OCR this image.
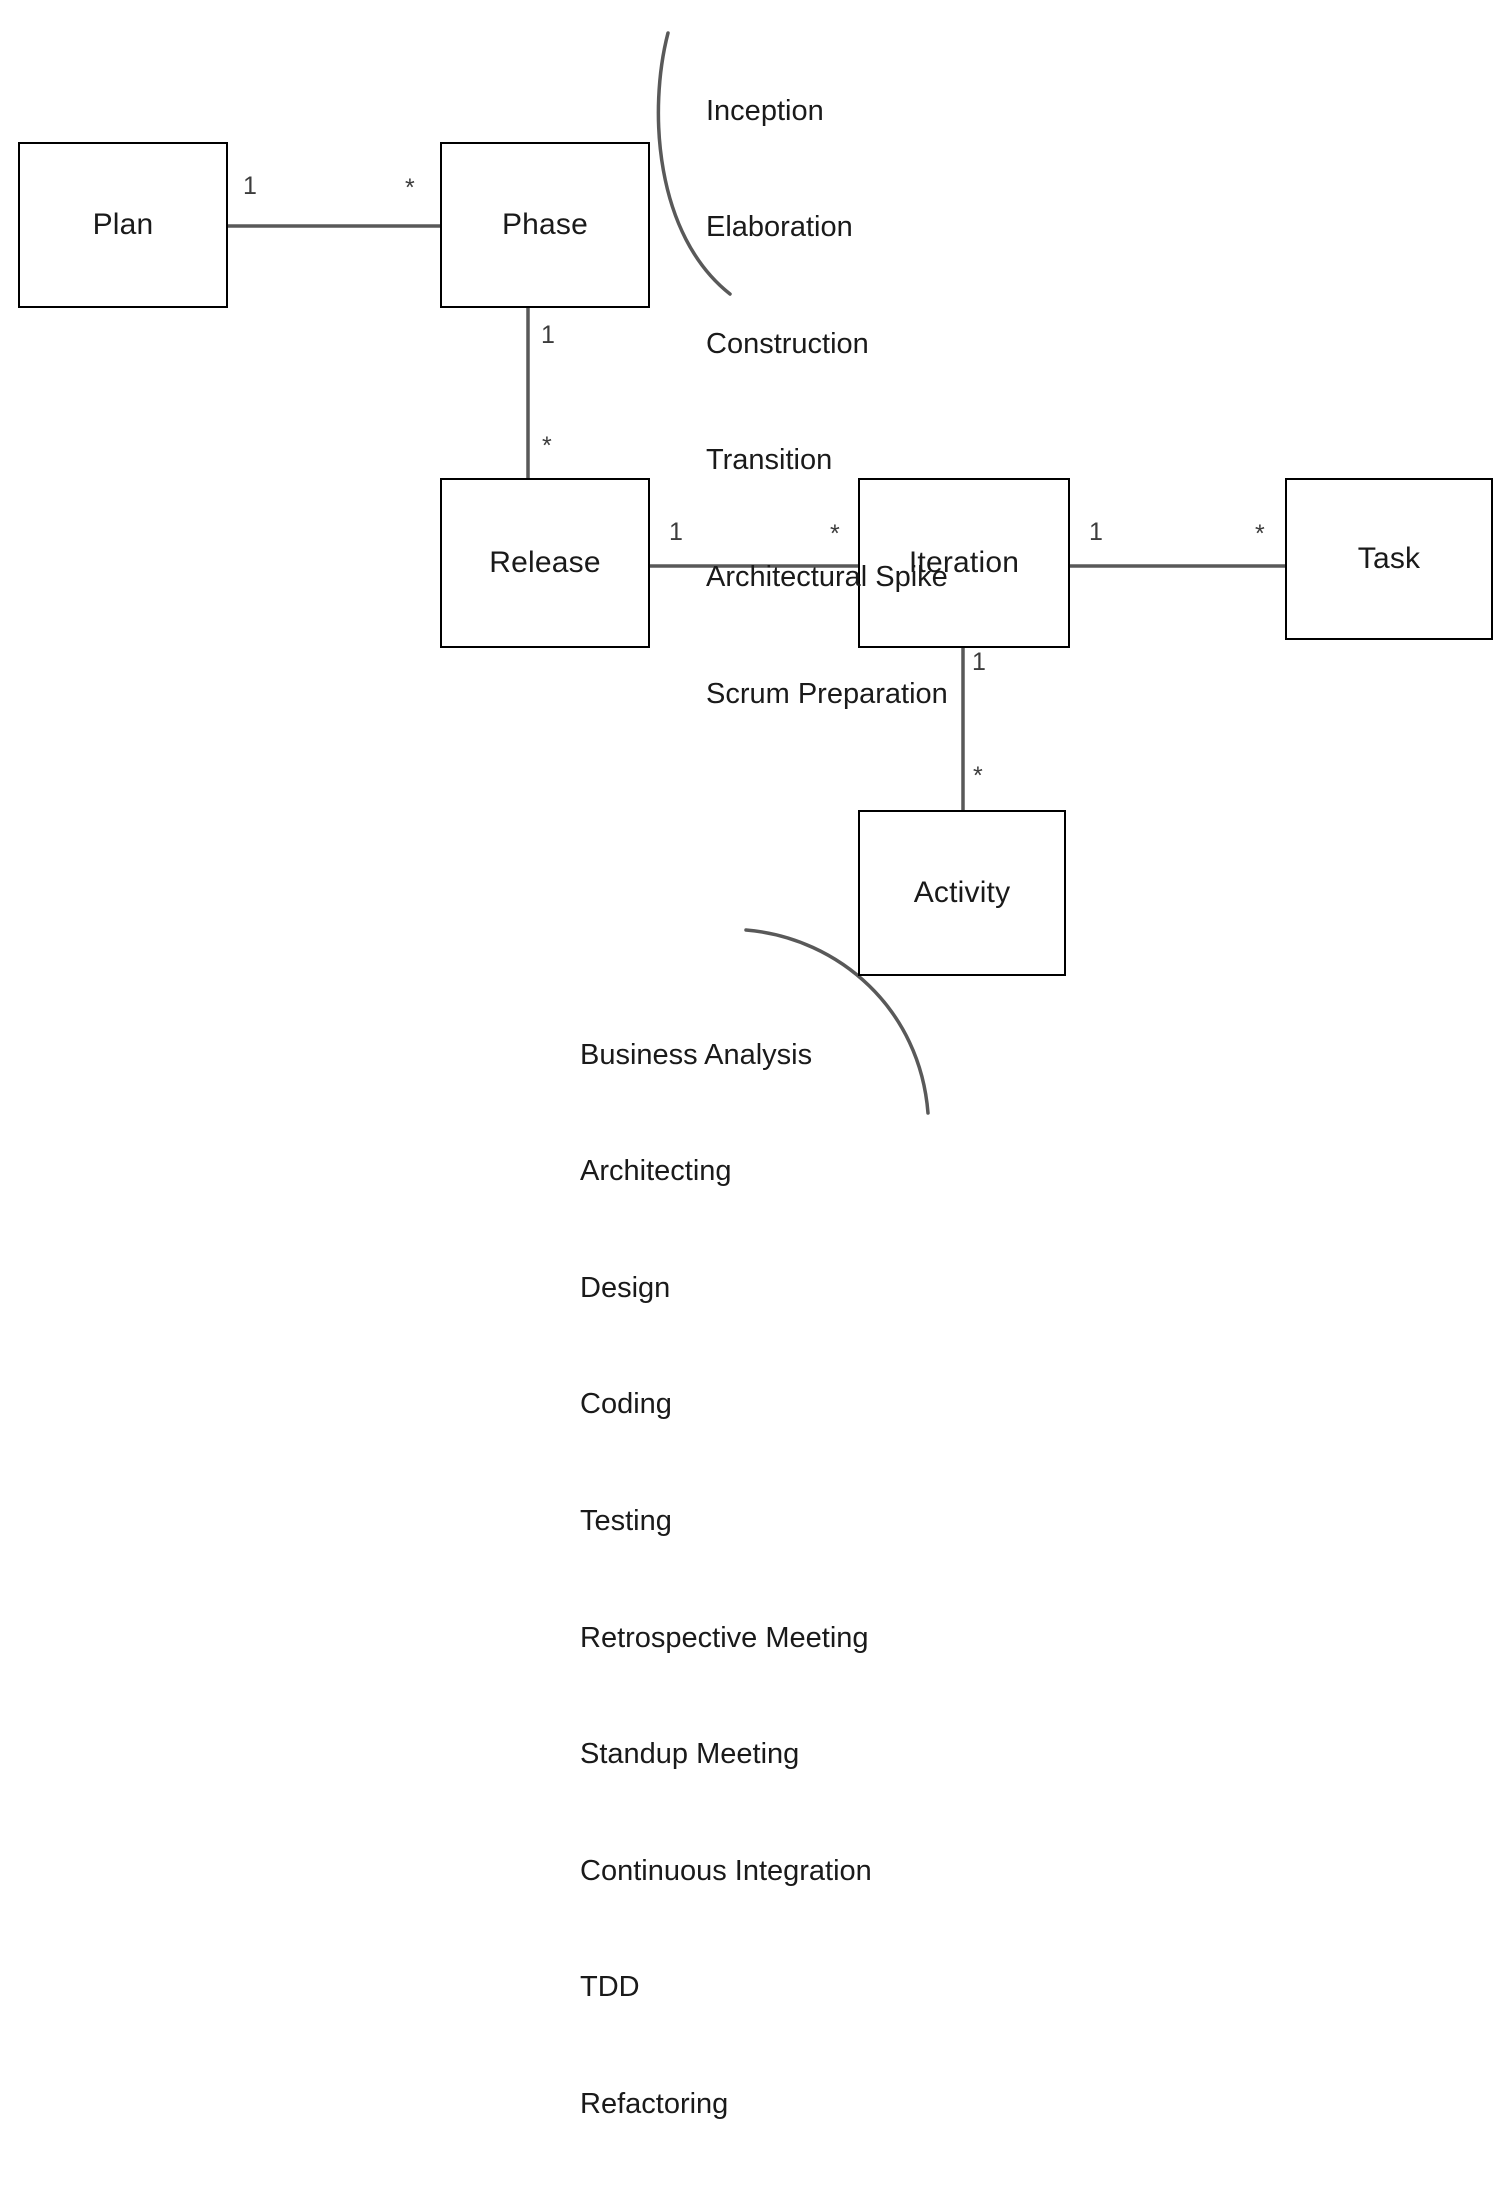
Plan	Phase
Release	Iteration	Task
Activity
1	*
1
*
1	*	1	*
1
*

Inception

Elaboration

Construction

Transition

Architectural Spike

Scrum Preparation

Business Analysis

Architecting

Design

Coding

Testing

Retrospective Meeting

Standup Meeting

Continuous Integration

TDD

Refactoring
